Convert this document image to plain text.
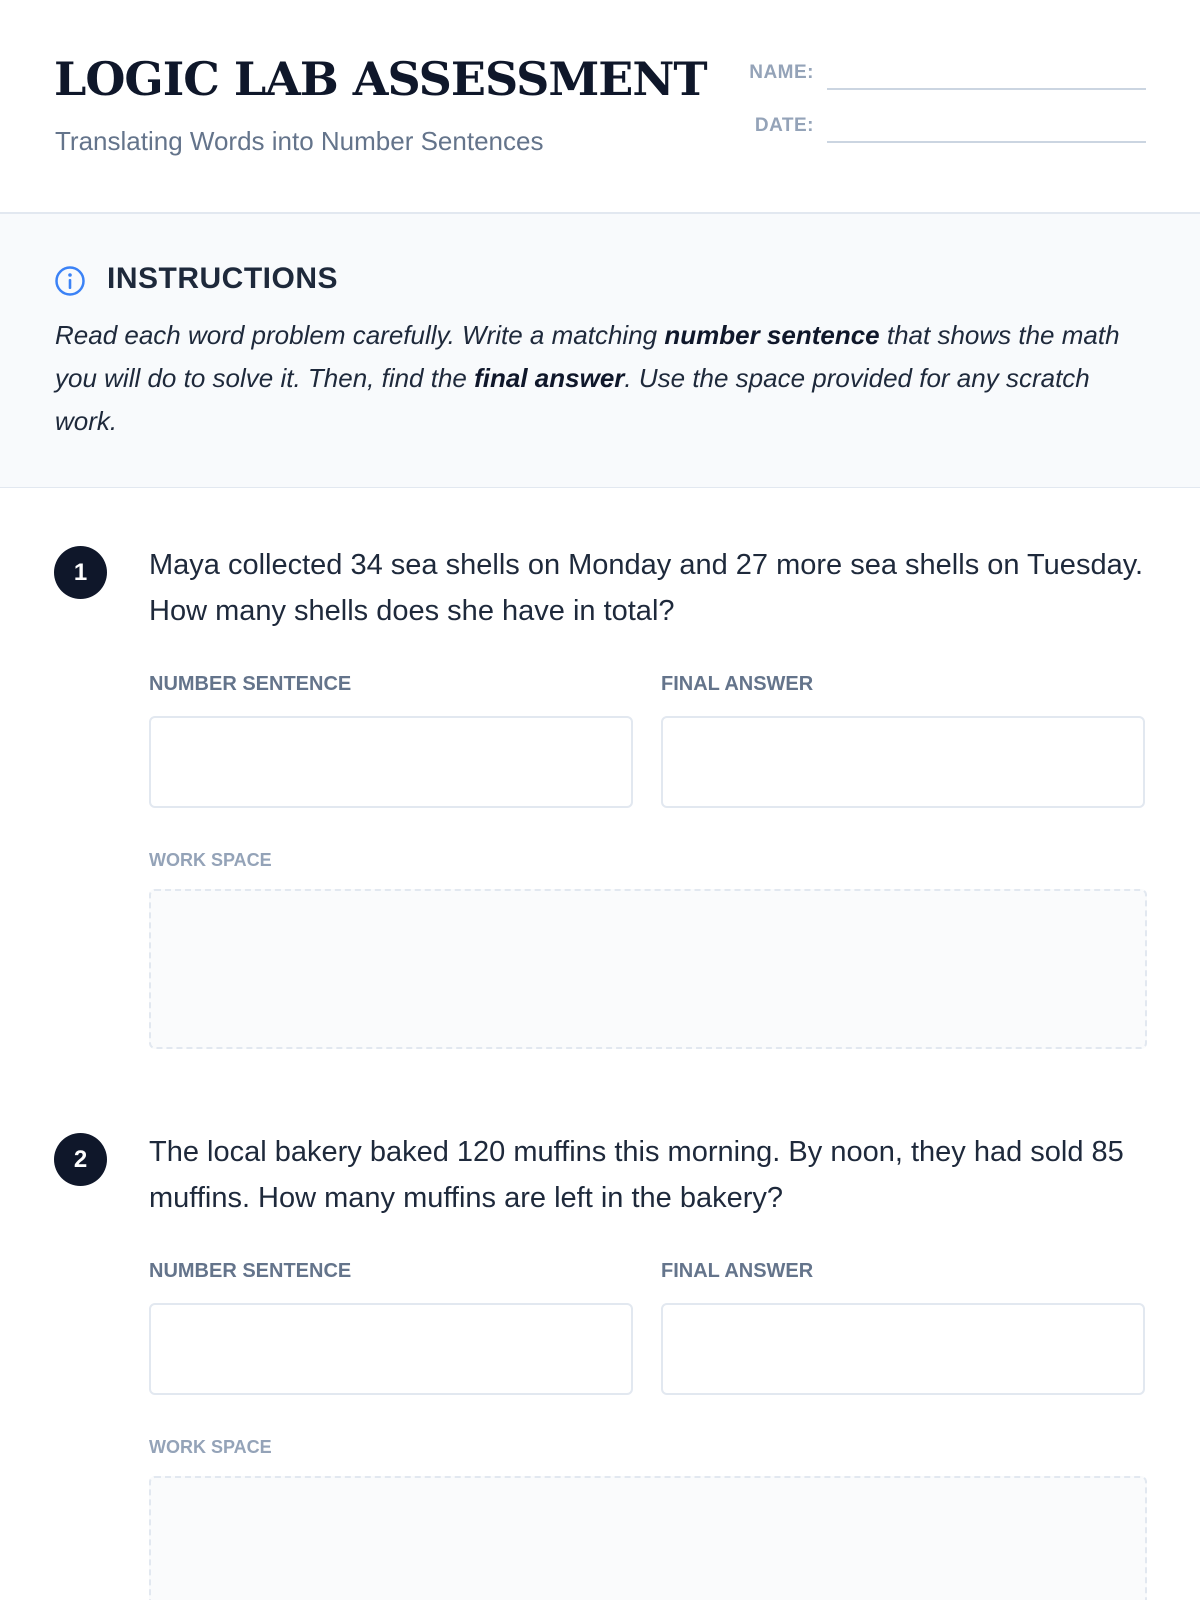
LOGIC LAB ASSESSMENT
Translating Words into Number Sentences
NAME:
DATE:
INSTRUCTIONS
Read each word problem carefully. Write a matching number sentence that shows the math you will do to solve it. Then, find the final answer. Use the space provided for any scratch work.
1	Maya collected 34 sea shells on Monday and 27 more sea shells on Tuesday. How many shells does she have in total?
NUMBER SENTENCE	FINAL ANSWER
WORK SPACE
2	The local bakery baked 120 muffins this morning. By noon, they had sold 85 muffins. How many muffins are left in the bakery?
NUMBER SENTENCE	FINAL ANSWER
WORK SPACE
